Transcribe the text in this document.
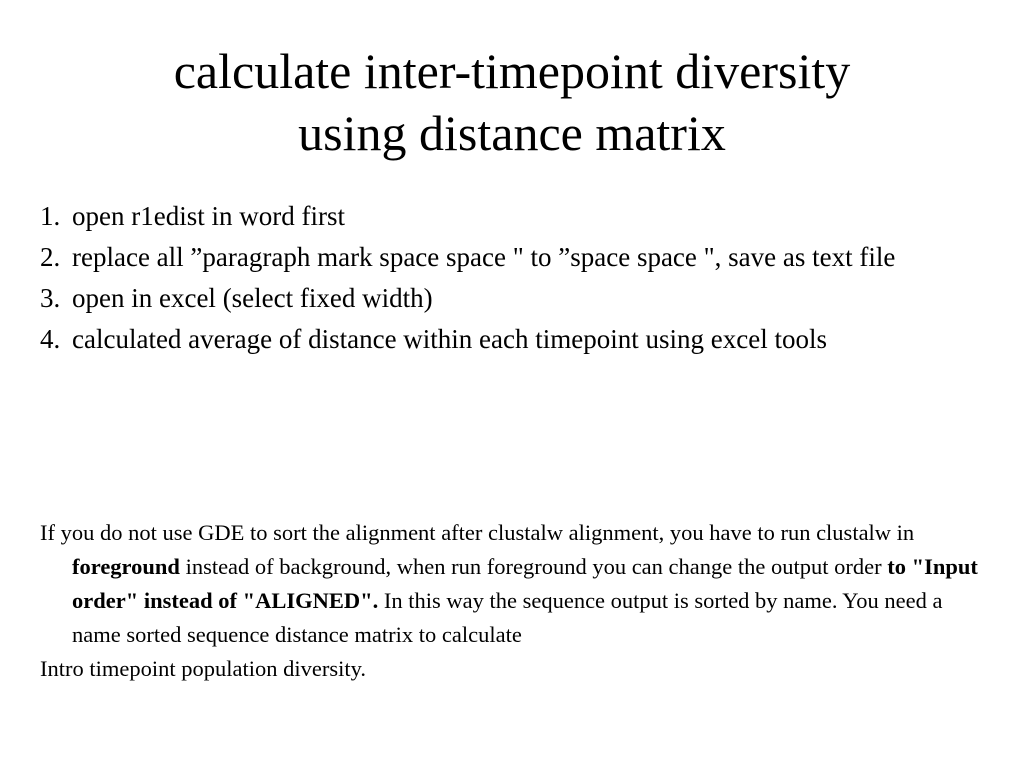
calculate inter-timepoint diversity
using distance matrix
1. open r1edist in word first
2. replace all ”paragraph mark space space " to ”space space ", save as text file
3. open in excel (select fixed width)
4. calculated average of distance within each timepoint using excel tools

If you do not use GDE to sort the alignment after clustalw alignment, you have to run clustalw in foreground instead of background, when run foreground you can change the output order to "Input order" instead of "ALIGNED". In this way the sequence output is sorted by name. You need a name sorted sequence distance matrix to calculate

Intro timepoint population diversity.
